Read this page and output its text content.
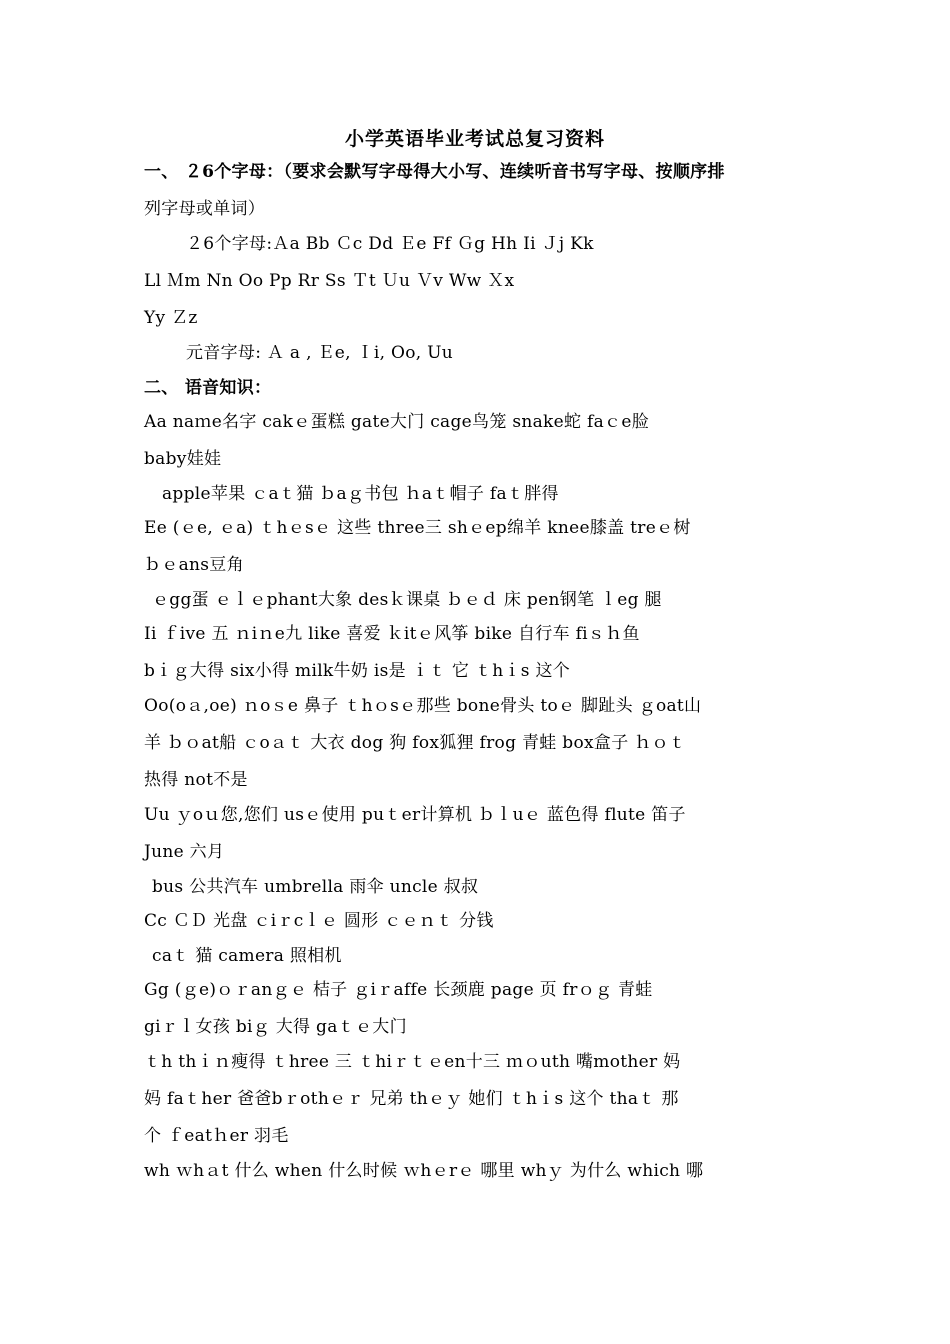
小学英语毕业考试总复习资料
一、 ２6个字母：（要求会默写字母得大小写、连续听音书写字母、按顺序排
列字母或单词）
２6个字母:Ａa Bb Ｃc Dd Ｅe Ff Ｇg Hh Ii Ｊj Kk
Ll Ｍm Nn Oo Pp Rr Ss Ｔt Ｕu Ｖv Ww Ｘx
Yy Ｚz
元音字母: Ａ a , Ｅe, Ｉi, Oo, Uu
二、 语音知识：
Aa naｍe名字 cakｅ蛋糕 gate大门 cage鸟笼 snake蛇 faｃe脸
baby娃娃
apple苹果 ｃaｔ猫 ｂaｇ书包 ｈaｔ帽子 faｔ胖得
Ee (ｅe, ｅa) ｔhｅsｅ 这些 three三 shｅep绵羊 knee膝盖 treｅ树
ｂｅans豆角
ｅgg蛋 ｅｌｅphant大象 desｋ课桌 ｂｅｄ 床 pen钢笔 ｌeg 腿
Ii ｆive 五 ｎiｎe九 like 喜爱 ｋitｅ风筝 bike 自行车 fiｓｈ鱼
bｉｇ大得 six小得 milk牛奶 is是 ｉｔ 它 ｔhｉs 这个
Oo(oａ,oe) ｎoｓe 鼻子 ｔhｏsｅ那些 bone骨头 toｅ 脚趾头 ｇoat山
羊 ｂｏat船 ｃoａｔ 大衣 dog 狗 fox狐狸 frog 青蛙 box盒子 ｈｏｔ
热得 not不是
Uu ｙoｕ您,您们 usｅ使用 puｔer计算机 ｂｌuｅ 蓝色得 flute 笛子
June 六月
bus 公共汽车 umbrella 雨伞 uncle 叔叔
Cc ＣＤ 光盘 ｃiｒcｌｅ 圆形 ｃｅｎｔ 分钱
caｔ 猫 camera 照相机
Gg (ｇe)ｏｒanｇｅ 桔子 ｇiｒaffe 长颈鹿 page 页 frｏｇ 青蛙
giｒｌ女孩 biｇ 大得 gaｔｅ大门
ｔh thｉｎ瘦得 ｔhree 三 ｔhiｒｔｅen十三 ｍｏuth 嘴mother 妈
妈 faｔher 爸爸bｒothｅｒ 兄弟 thｅｙ 她们 ｔhｉs 这个 thaｔ 那
个 ｆeatｈer 羽毛
wh ｗhａt 什么 when 什么时候 ｗhｅrｅ 哪里 whｙ 为什么 which 哪
